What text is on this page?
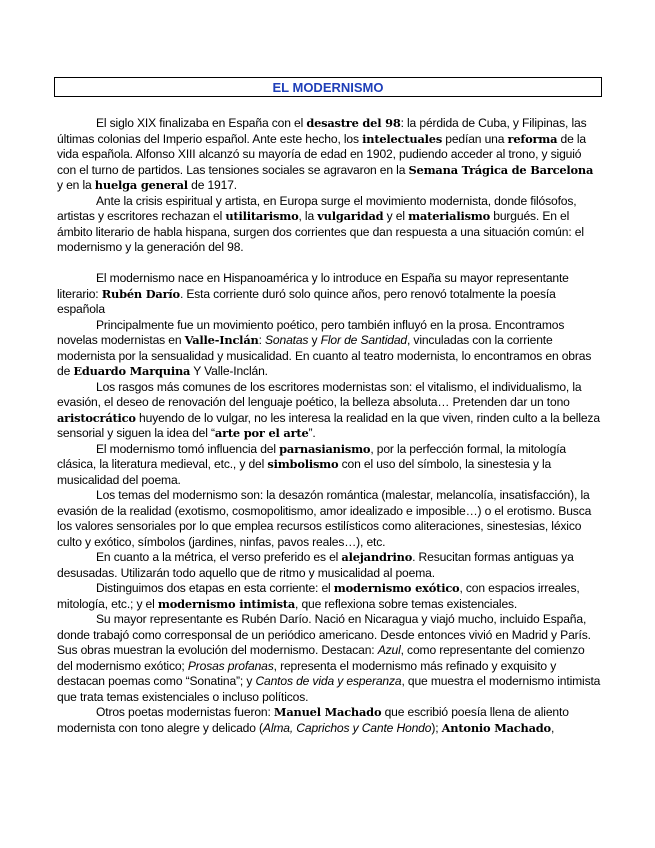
EL MODERNISMO

El siglo XIX finalizaba en España con el desastre del 98: la pérdida de Cuba, y Filipinas, las últimas colonias del Imperio español. Ante este hecho, los intelectuales pedían una reforma de la vida española. Alfonso XIII alcanzó su mayoría de edad en 1902, pudiendo acceder al trono, y siguió con el turno de partidos. Las tensiones sociales se agravaron en la Semana Trágica de Barcelona y en la huelga general de 1917.

Ante la crisis espiritual y artista, en Europa surge el movimiento modernista, donde filósofos, artistas y escritores rechazan el utilitarismo, la vulgaridad y el materialismo burgués. En el ámbito literario de habla hispana, surgen dos corrientes que dan respuesta a una situación común: el modernismo y la generación del 98.

El modernismo nace en Hispanoamérica y lo introduce en España su mayor representante literario: Rubén Darío. Esta corriente duró solo quince años, pero renovó totalmente la poesía española

Principalmente fue un movimiento poético, pero también influyó en la prosa. Encontramos novelas modernistas en Valle-Inclán: Sonatas y Flor de Santidad, vinculadas con la corriente modernista por la sensualidad y musicalidad. En cuanto al teatro modernista, lo encontramos en obras de Eduardo Marquina Y Valle-Inclán.

Los rasgos más comunes de los escritores modernistas son: el vitalismo, el individualismo, la evasión, el deseo de renovación del lenguaje poético, la belleza absoluta… Pretenden dar un tono aristocrático huyendo de lo vulgar, no les interesa la realidad en la que viven, rinden culto a la belleza sensorial y siguen la idea del “arte por el arte”.

El modernismo tomó influencia del parnasianismo, por la perfección formal, la mitología clásica, la literatura medieval, etc., y del simbolismo con el uso del símbolo, la sinestesia y la musicalidad del poema.

Los temas del modernismo son: la desazón romántica (malestar, melancolía, insatisfacción), la evasión de la realidad (exotismo, cosmopolitismo, amor idealizado e imposible…) o el erotismo. Busca los valores sensoriales por lo que emplea recursos estilísticos como aliteraciones, sinestesias, léxico culto y exótico, símbolos (jardines, ninfas, pavos reales…), etc.

En cuanto a la métrica, el verso preferido es el alejandrino. Resucitan formas antiguas ya desusadas. Utilizarán todo aquello que de ritmo y musicalidad al poema.

Distinguimos dos etapas en esta corriente: el modernismo exótico, con espacios irreales, mitología, etc.; y el modernismo intimista, que reflexiona sobre temas existenciales.

Su mayor representante es Rubén Darío. Nació en Nicaragua y viajó mucho, incluido España, donde trabajó como corresponsal de un periódico americano. Desde entonces vivió en Madrid y París. Sus obras muestran la evolución del modernismo. Destacan: Azul, como representante del comienzo del modernismo exótico; Prosas profanas, representa el modernismo más refinado y exquisito y destacan poemas como “Sonatina”; y Cantos de vida y esperanza, que muestra el modernismo intimista que trata temas existenciales o incluso políticos.

Otros poetas modernistas fueron: Manuel Machado que escribió poesía llena de aliento modernista con tono alegre y delicado (Alma, Caprichos y Cante Hondo); Antonio Machado,
